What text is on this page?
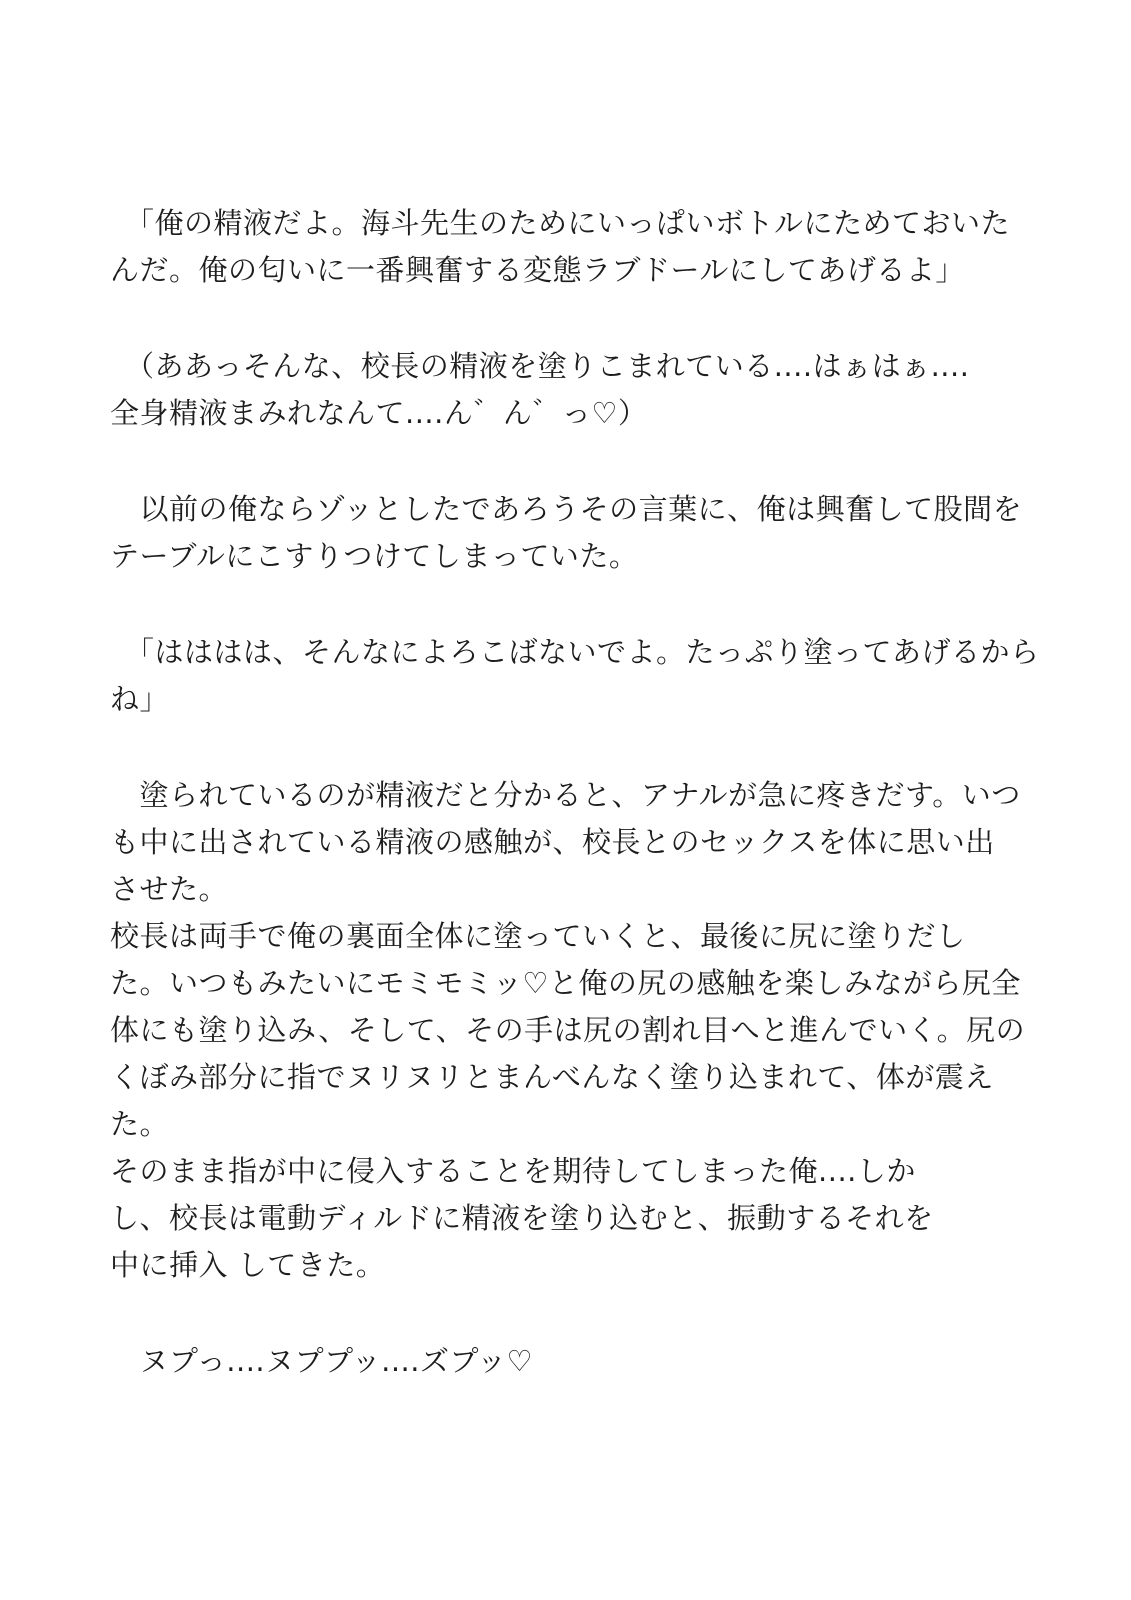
　「俺の精液だよ。海斗先生のためにいっぱいボトルにためておいた
んだ。俺の匂いに一番興奮する変態ラブドールにしてあげるよ」
　（ああっそんな、校長の精液を塗りこまれている....はぁはぁ....
全身精液まみれなんて....ん゛ん゛っ♡）
　以前の俺ならゾッとしたであろうその言葉に、俺は興奮して股間を
テーブルにこすりつけてしまっていた。
　「はははは、そんなによろこばないでよ。たっぷり塗ってあげるから
ね」
　塗られているのが精液だと分かると、アナルが急に疼きだす。いつ
も中に出されている精液の感触が、校長とのセックスを体に思い出
させた。
校長は両手で俺の裏面全体に塗っていくと、最後に尻に塗りだし
た。いつもみたいにモミモミッ♡と俺の尻の感触を楽しみながら尻全
体にも塗り込み、そして、その手は尻の割れ目へと進んでいく。尻の
くぼみ部分に指でヌリヌリとまんべんなく塗り込まれて、体が震え
た。
そのまま指が中に侵入することを期待してしまった俺....しか
し、校長は電動ディルドに精液を塗り込むと、振動するそれを
中に挿入 してきた。
　ヌプっ....ヌププッ....ズプッ♡
